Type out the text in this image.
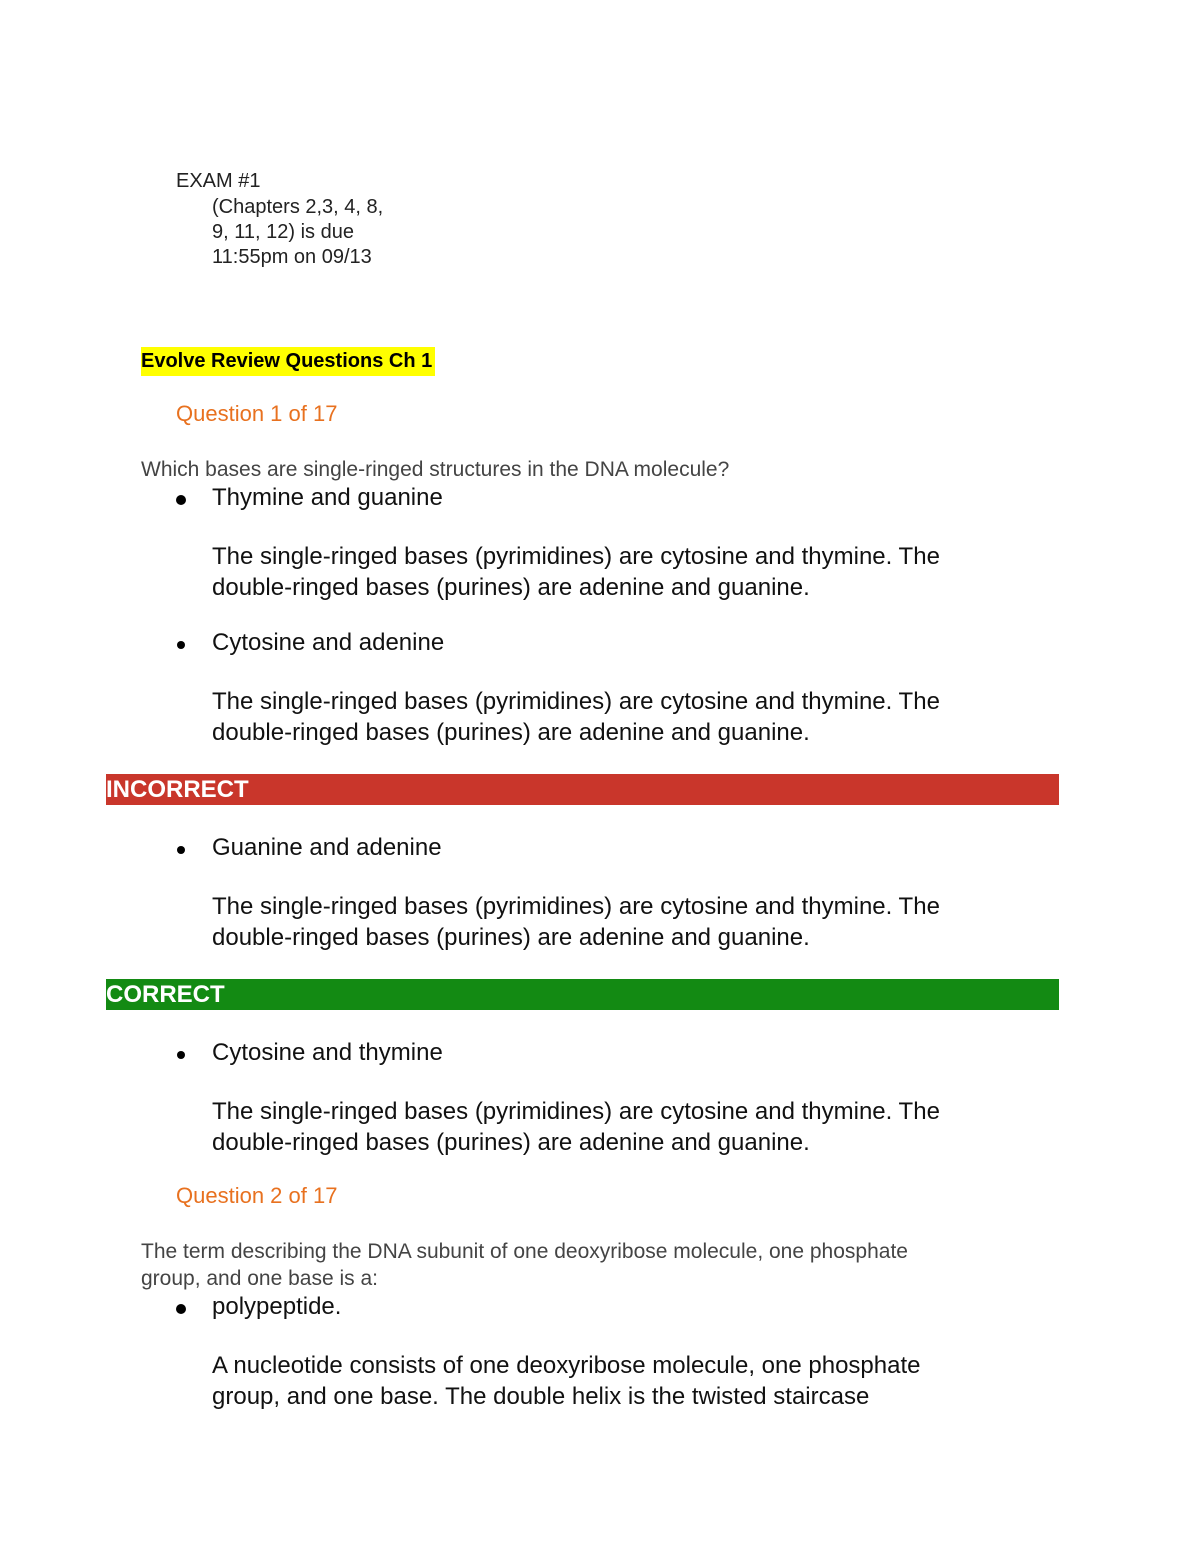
EXAM #1
(Chapters 2,3, 4, 8,
9, 11, 12) is due
11:55pm on 09/13
Evolve Review Questions Ch 1
Question 1 of 17
Which bases are single-ringed structures in the DNA molecule?
Thymine and guanine
The single-ringed bases (pyrimidines) are cytosine and thymine. The
double-ringed bases (purines) are adenine and guanine.
Cytosine and adenine
The single-ringed bases (pyrimidines) are cytosine and thymine. The
double-ringed bases (purines) are adenine and guanine.
INCORRECT
Guanine and adenine
The single-ringed bases (pyrimidines) are cytosine and thymine. The
double-ringed bases (purines) are adenine and guanine.
CORRECT
Cytosine and thymine
The single-ringed bases (pyrimidines) are cytosine and thymine. The
double-ringed bases (purines) are adenine and guanine.
Question 2 of 17
The term describing the DNA subunit of one deoxyribose molecule, one phosphate
group, and one base is a:
polypeptide.
A nucleotide consists of one deoxyribose molecule, one phosphate
group, and one base. The double helix is the twisted staircase
